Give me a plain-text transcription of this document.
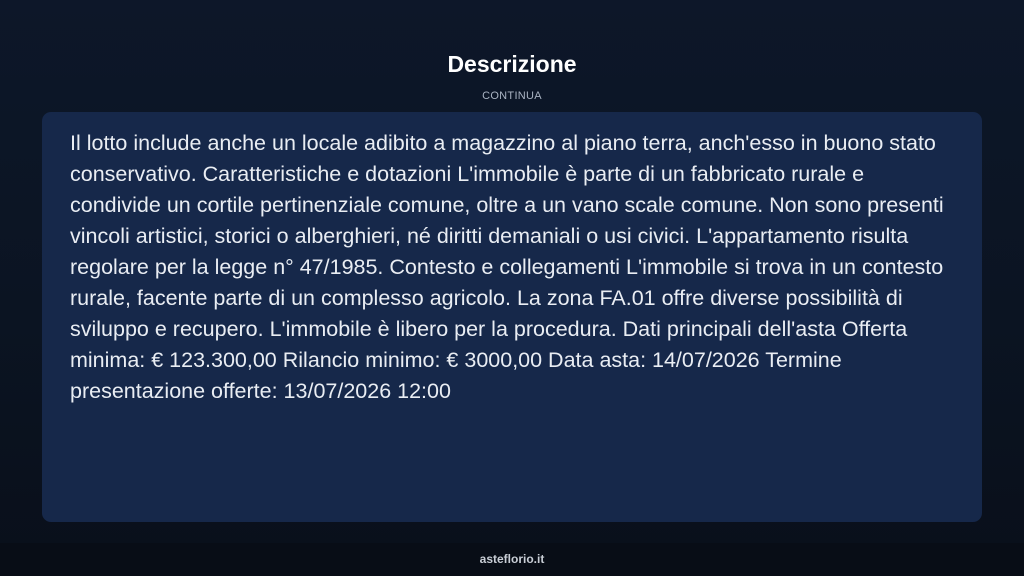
Descrizione
CONTINUA

Il lotto include anche un locale adibito a magazzino al piano terra, anch'esso in buono stato conservativo. Caratteristiche e dotazioni L'immobile è parte di un fabbricato rurale e condivide un cortile pertinenziale comune, oltre a un vano scale comune. Non sono presenti vincoli artistici, storici o alberghieri, né diritti demaniali o usi civici. L'appartamento risulta regolare per la legge n° 47/1985. Contesto e collegamenti L'immobile si trova in un contesto rurale, facente parte di un complesso agricolo. La zona FA.01 offre diverse possibilità di sviluppo e recupero. L'immobile è libero per la procedura. Dati principali dell'asta Offerta minima: € 123.300,00 Rilancio minimo: € 3000,00 Data asta: 14/07/2026 Termine presentazione offerte: 13/07/2026 12:00

asteflorio.it
